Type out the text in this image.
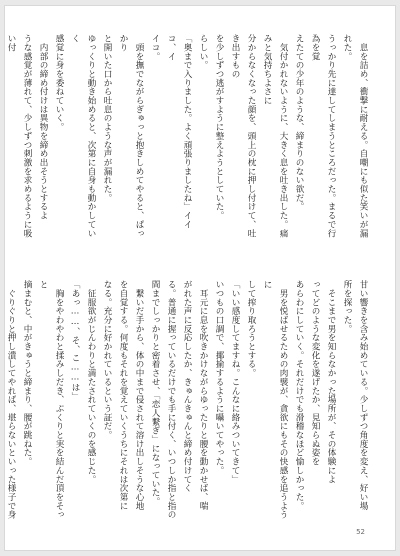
　息を詰め、衝撃に耐える。自嘲にも似た笑いが漏れた。

うっかり先に達してしまうところだった。まるで行為を覚

えたての少年のような、締まりのない欲だ。

　気付かれないように、大きく息を吐き出した。痛みと気持ちよさに

分からなくなった顔を、頭上の枕に押し付けて、吐き出すもの

を少しずつ逃がすように整えようとしていた。

らしい。

「奥まで入りました。よく頑張りましたね」イイコ、イ

イコ。

　頭を撫でながらぎゅっと抱きしめてやると、ぱっかり

と開いた口から吐息のような声が漏れた。

ゆっくりと動き始めると、次第に自身も動かしていく

感覚に身を委ねていく。

　内部の締め付けは異物を締め出そうとするよ

うな感覚が薄れて、少しずつ刺激を求めるように吸い付

甘い響きを含み始めている。少しずつ角度を変え、好い場

所を探った。

　そこまで男を知らなかった場所が、その体験によ

ってどのような変化を遂げたか、見知らぬ姿を

あらわにしていく。それだけでも滑稽なほど愉しかった。

　男を悦ばせるための肉襞が、貪欲にもその快感を追うように

して搾り取ろうとする。

「いい感度してますね。こんなに絡みついてきて」

いつもの口調で、揶揄するように囁いてやった。

　耳元に息を吹きかけながらゆったりと腰を動かせば、喘

がれた声に反応したか、きゅんきゅんと締め付けてく

る。普通に握っているだけでも手に付く、いつしか指と指の

間までしっかりと密着させ、「恋人繋ぎ」になっていた。

　繋いだ手から、体の中まで侵されて溶け出しそうな心地

を自覚する。何度もそれを覚えていくうちにそれは次第に

なる。充分に好かれているという証だ。

　征服欲がじんわりと満たされていくのを感じた。

「あっ……、そ、こ……は」

　胸をやわやわと揉みしだき、ぷくりと実を結んだ頂をそっと

摘まむと、中がきゅうと締まり、腰が跳ねた。

　ぐりぐりと押し潰してやれば、堪らないといった様子で身

52
